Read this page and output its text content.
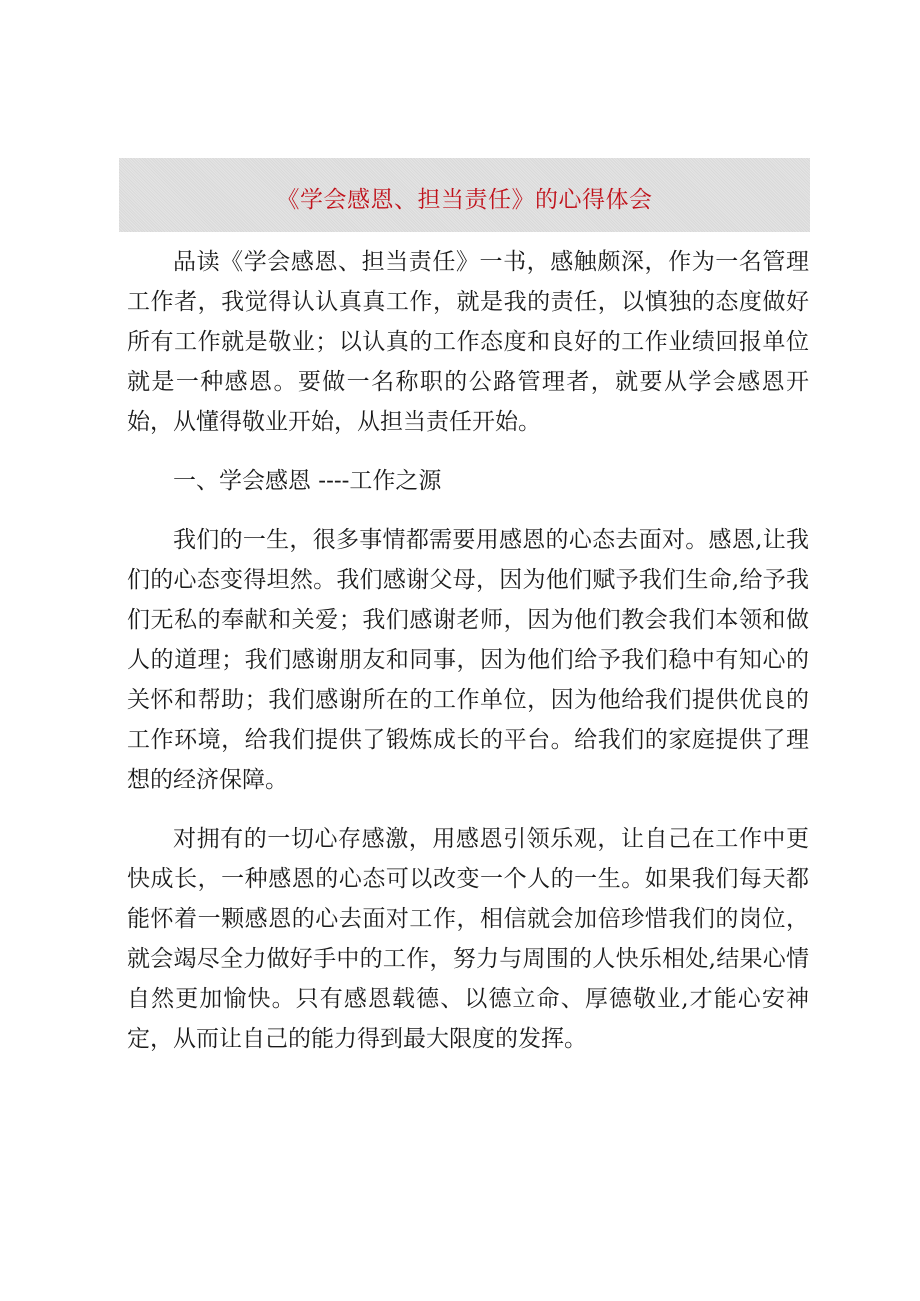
《学会感恩、担当责任》的心得体会

品读《学会感恩、担当责任》一书，感触颇深，作为一名管理工作者，我觉得认认真真工作，就是我的责任，以慎独的态度做好所有工作就是敬业；以认真的工作态度和良好的工作业绩回报单位就是一种感恩。要做一名称职的公路管理者，就要从学会感恩开始，从懂得敬业开始，从担当责任开始。

一、学会感恩 ----工作之源

我们的一生，很多事情都需要用感恩的心态去面对。感恩,让我们的心态变得坦然。我们感谢父母，因为他们赋予我们生命,给予我们无私的奉献和关爱；我们感谢老师，因为他们教会我们本领和做人的道理；我们感谢朋友和同事，因为他们给予我们稳中有知心的关怀和帮助；我们感谢所在的工作单位，因为他给我们提供优良的工作环境，给我们提供了锻炼成长的平台。给我们的家庭提供了理想的经济保障。

对拥有的一切心存感激，用感恩引领乐观，让自己在工作中更快成长，一种感恩的心态可以改变一个人的一生。如果我们每天都能怀着一颗感恩的心去面对工作，相信就会加倍珍惜我们的岗位，就会竭尽全力做好手中的工作，努力与周围的人快乐相处,结果心情自然更加愉快。只有感恩载德、以德立命、厚德敬业,才能心安神定，从而让自己的能力得到最大限度的发挥。
